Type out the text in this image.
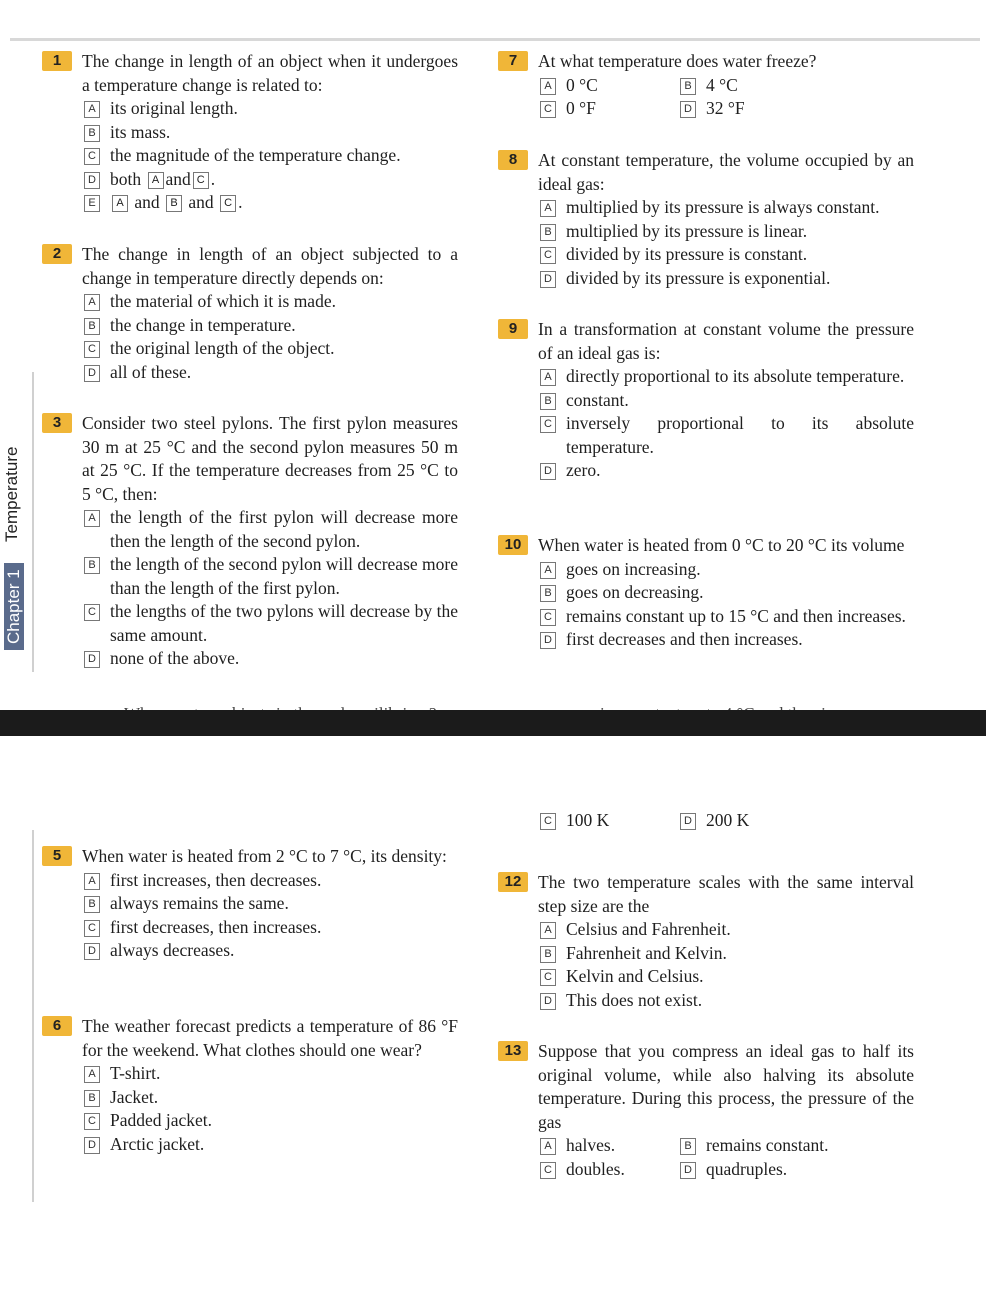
Temperature
Chapter 1
1	The change in length of an object when it undergoes a temperature change is related to:
A its original length.
B its mass.
C the magnitude of the temperature change.
D both A and C .
E	A and B and C .
2	The change in length of an object subjected to a change in temperature directly depends on:
A the material of which it is made.
B the change in temperature.
C the original length of the object.
D all of these.
3	Consider two steel pylons. The first pylon measures 30 m at 25 °C and the second pylon measures 50 m at 25 °C. If the temperature decreases from 25 °C to 5 °C, then:
A the length of the first pylon will decrease more then the length of the second pylon.
B the length of the second pylon will decrease more than the length of the first pylon.
C the lengths of the two pylons will decrease by the same amount.
D none of the above.
7	At what temperature does water freeze?
A 0 °C	B 4 °C
C 0 °F	D 32 °F
8	At constant temperature, the volume occupied by an ideal gas:
A multiplied by its pressure is always constant.
B multiplied by its pressure is linear.
C divided by its pressure is constant.
D divided by its pressure is exponential.
9	In a transformation at constant volume the pressure of an ideal gas is:
A directly proportional to its absolute temperature.
B constant.
C inversely proportional to its absolute temperature.
D zero.
10 When water is heated from 0 °C to 20 °C its volume
A goes on increasing.
B goes on decreasing.
C remains constant up to 15 °C and then increases.
D first decreases and then increases.
C 100 K	D 200 K
5	When water is heated from 2 °C to 7 °C, its density:
A first increases, then decreases.
B always remains the same.
C first decreases, then increases.
D always decreases.
6	The weather forecast predicts a temperature of 86 °F for the weekend. What clothes should one wear?
A T-shirt.
B Jacket.
C Padded jacket.
D Arctic jacket.
12 The two temperature scales with the same interval step size are the
A Celsius and Fahrenheit.
B Fahrenheit and Kelvin.
C Kelvin and Celsius.
D This does not exist.
13 Suppose that you compress an ideal gas to half its original volume, while also halving its absolute temperature. During this process, the pressure of the gas
A halves.	B remains constant.
C doubles.	D quadruples.
